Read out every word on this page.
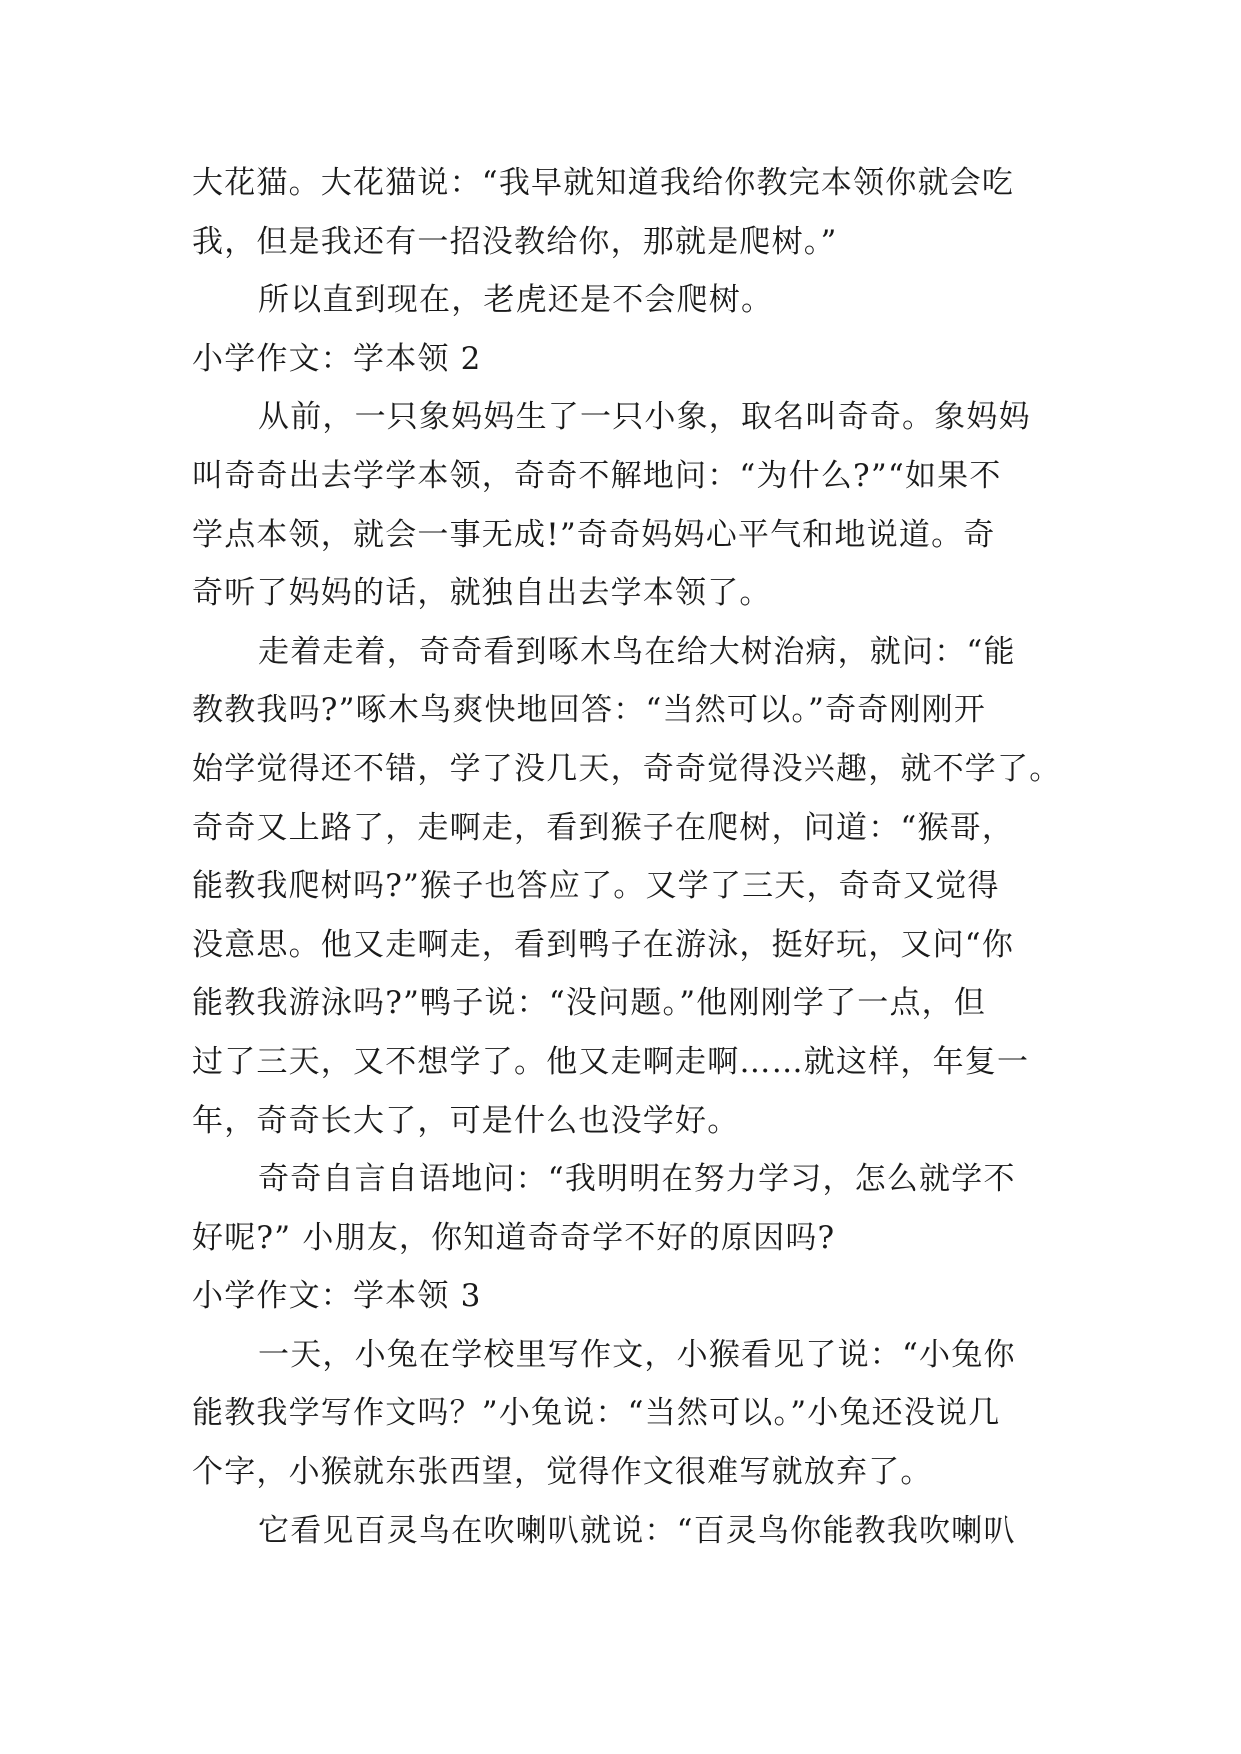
大花猫。大花猫说：“我早就知道我给你教完本领你就会吃
我，但是我还有一招没教给你，那就是爬树。”
所以直到现在，老虎还是不会爬树。
小学作文：学本领 2
从前，一只象妈妈生了一只小象，取名叫奇奇。象妈妈
叫奇奇出去学学本领，奇奇不解地问：“为什么?”“如果不
学点本领，就会一事无成!”奇奇妈妈心平气和地说道。奇
奇听了妈妈的话，就独自出去学本领了。
走着走着，奇奇看到啄木鸟在给大树治病，就问：“能
教教我吗?”啄木鸟爽快地回答：“当然可以。”奇奇刚刚开
始学觉得还不错，学了没几天，奇奇觉得没兴趣，就不学了。
奇奇又上路了，走啊走，看到猴子在爬树，问道：“猴哥，
能教我爬树吗?”猴子也答应了。又学了三天，奇奇又觉得
没意思。他又走啊走，看到鸭子在游泳，挺好玩，又问“你
能教我游泳吗?”鸭子说：“没问题。”他刚刚学了一点，但
过了三天，又不想学了。他又走啊走啊……就这样，年复一
年，奇奇长大了，可是什么也没学好。
奇奇自言自语地问：“我明明在努力学习，怎么就学不
好呢?” 小朋友，你知道奇奇学不好的原因吗?
小学作文：学本领 3
一天，小兔在学校里写作文，小猴看见了说：“小兔你
能教我学写作文吗？”小兔说：“当然可以。”小兔还没说几
个字，小猴就东张西望，觉得作文很难写就放弃了。
它看见百灵鸟在吹喇叭就说：“百灵鸟你能教我吹喇叭
